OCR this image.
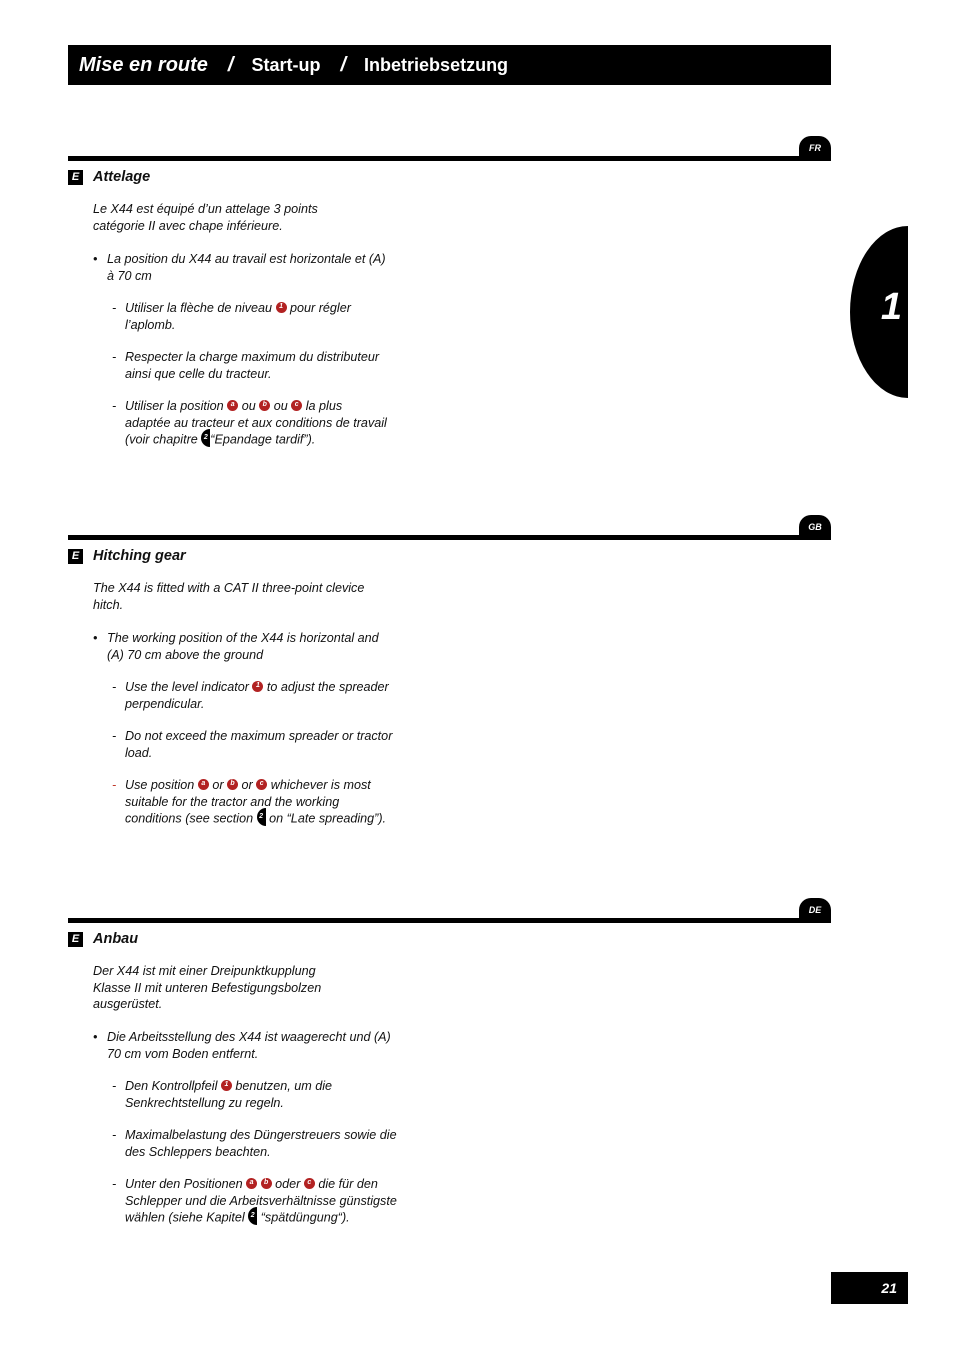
Mise en route / Start-up / Inbetriebsetzung
1
FR
E Attelage
Le X44 est équipé d’un attelage 3 points
catégorie II avec chape inférieure.
• La position du X44 au travail est horizontale et (A)
à 70 cm
- Utiliser la flèche de niveau 1 pour régler
l’aplomb.
- Respecter la charge maximum du distributeur
ainsi que celle du tracteur.
- Utiliser la position a ou b ou c la plus
adaptée au tracteur et aux conditions de travail
(voir chapitre 2 “Epandage tardif”).
GB
E Hitching gear
The X44 is fitted with a CAT II three-point clevice
hitch.
• The working position of the X44 is horizontal and
(A) 70 cm above the ground
- Use the level indicator 1 to adjust the spreader
perpendicular.
- Do not exceed the maximum spreader or tractor
load.
- Use position a or b or c whichever is most
suitable for the tractor and the working
conditions (see section 2 on “Late spreading”).
DE
E Anbau
Der X44 ist mit einer Dreipunktkupplung
Klasse II mit unteren Befestigungsbolzen
ausgerüstet.
• Die Arbeitsstellung des X44 ist waagerecht und (A)
70 cm vom Boden entfernt.
- Den Kontrollpfeil 1 benutzen, um die
Senkrechtstellung zu regeln.
- Maximalbelastung des Düngerstreuers sowie die
des Schleppers beachten.
- Unter den Positionen a b oder c die für den
Schlepper und die Arbeitsverhältnisse günstigste
wählen (siehe Kapitel 2 “spätdüngung“).
21
